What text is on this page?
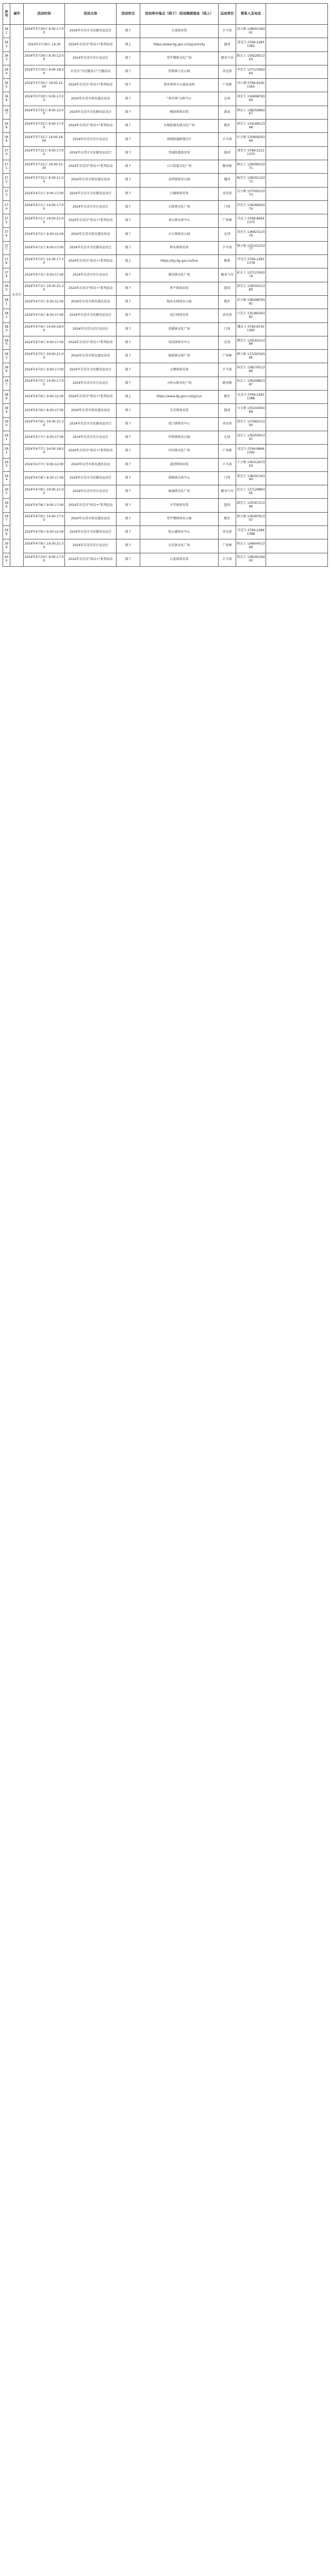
序号	城市	活动时间	活动主体	活动形式	活动举办地点（线下）/活动链接地址（线上）	运动项目	联系人及电话	
361	东莞市	2024年3月30日 9:00-17:00	2024年东莞市全民健身运动会	线下	石龙体育馆	乒乓球	黄小姐 13800138361	
362		2024年3月30日 14:30	2024年东莞市"体育+"系列活动	线上	https://www.dg.gov.cn/tyj/activity	篮球	梁先生 0769-22831362	
363		2024年3月30日 8:30-12:00	2024年东莞市社区运动会	线下	望牛墩镇文化广场	健身气功	陈女士 13922921363	
364		2024年3月30日 9:00-18:00	东莞市"全民健身日"主题活动	线下	厚街镇人民公园	羽毛球	李先生 13712356364	
365		2024年3月30日 19:00-21:00	2024年东莞市"体育+"系列活动	线下	寮步镇香市公园运动场	广场舞	何小姐 0769-81001365	
366		2024年3月30日 9:00-17:00	2024年东莞市体育惠民活动	线下	"寮步镇"文体中心	足球	刘先生 13669876366	
367		2024年3月31日 8:00-12:00	2024年东莞市全民健身运动会	线下	横沥镇体育馆	游泳	钟女士 13825689367	
368		2024年3月31日 9:00-17:00	2024年东莞市"体育+"系列活动	线下	东城街道东城文化广场	跑步	蔡先生 13416812368	
369		2024年3月31日 14:00-18:00	2024年东莞市社区运动会	线下	南城街道蛤地社区	乒乓球	叶小姐 13580926369	
370		2024年3月31日 9:00-17:00	2024年东莞市全民健身运动会	线下	莞城街道体育馆	篮球	郭先生 0769-22111370	
371		2024年3月31日 19:30-21:30	2024年东莞市"体育+"系列活动	线下	万江街道文化广场	健身操	林女士 13609632371	
372		2024年3月31日 8:30-11:30	2024年东莞市体育惠民活动	线下	高埗镇体育公园	毽球	杨先生 13829112372	
373		2024年4月1日 9:00-17:00	2024年东莞市全民健身运动会	线下	石碣镇体育馆	羽毛球	吴小姐 13750012373	
374		2024年4月1日 14:00-17:00	2024年东莞市社区运动会	线下	石排镇文化广场	门球	罗先生 13928456374	
375		2024年4月1日 19:00-21:00	2024年东莞市"体育+"系列活动	线下	茶山镇文体中心	广场舞	冯女士 0769-86641375	
376		2024年4月2日 9:00-12:00	2024年东莞市体育惠民活动	线下	企石镇体育公园	足球	邓先生 13682312376	
377		2024年4月2日 8:00-17:00	2024年东莞市全民健身运动会	线下	桥头镇体育馆	乒乓球	黎小姐 13510125377	
378		2024年4月2日 14:30-17:30	2024年东莞市"体育+"系列活动	线上	https://tyj.dg.gov.cn/live	棋类	许先生 0769-22831378	
379		2024年4月3日 9:00-17:00	2024年东莞市社区运动会	线下	谢岗镇文化广场	健身气功	彭女士 13712356379	
380		2024年4月3日 19:30-21:30	2024年东莞市"体育+"系列活动	线下	常平镇体育馆	篮球	曾先生 13650021380	
381		2024年4月3日 9:00-12:00	2024年东莞市体育惠民活动	线下	樟木头镇体育公园	跑步	苏小姐 13829876381	
382		2024年4月4日 8:30-17:00	2024年东莞市全民健身运动会	线下	黄江镇体育馆	羽毛球	吕先生 13538256382	
383		2024年4月4日 14:00-18:00	2024年东莞市社区运动会	线下	清溪镇文化广场	门球	魏女士 0769-87301383	
384		2024年4月4日 9:00-17:00	2024年东莞市"体育+"系列活动	线下	凤岗镇体育中心	足球	谭先生 13916251384	
385		2024年4月5日 19:00-21:00	2024年东莞市体育惠民活动	线下	塘厦镇文体广场	广场舞	廖小姐 13729316385	
386		2024年4月5日 9:00-17:00	2024年东莞市全民健身运动会	线下	大朗镇体育馆	乒乓球	徐先生 13827651386	
387		2024年4月5日 14:00-17:00	2024年东莞市社区运动会	线下	大岭山镇文化广场	健身操	孙女士 13620981387	
388		2024年4月6日 9:00-12:00	2024年东莞市"体育+"系列活动	线上	https://www.dg.gov.cn/tyj/run	跑步	朱先生 0769-22831388	
389		2024年4月6日 8:00-17:00	2024年东莞市体育惠民活动	线下	长安镇体育馆	篮球	马小姐 13510456389	
390		2024年4月6日 19:30-21:30	2024年东莞市全民健身运动会	线下	虎门镇体育中心	羽毛球	胡先生 13798231390	
391		2024年4月7日 9:00-17:00	2024年东莞市社区运动会	线下	厚街镇体育公园	足球	高女士 13925561391	
392		2024年4月7日 14:00-18:00	2024年东莞市"体育+"系列活动	线下	沙田镇文化广场	广场舞	袁先生 0769-88661392	
393		2024年4月7日 9:00-12:00	2024年东莞市体育惠民活动	线下	道滘镇体育馆	乒乓球	于小姐 13631267393	
394		2024年4月8日 8:30-17:00	2024年东莞市全民健身运动会	线下	洪梅镇文体中心	门球	董先生 13829134394	
395		2024年4月8日 19:00-21:00	2024年东莞市社区运动会	线下	麻涌镇文化广场	健身气功	沈女士 13712986395	
396		2024年4月8日 9:00-17:00	2024年东莞市"体育+"系列活动	线下	中堂镇体育馆	篮球	韩先生 13556721396	
397		2024年4月9日 14:00-17:00	2024年东莞市体育惠民活动	线下	望牛墩镇体育公园	跑步	唐小姐 13928761397	
398		2024年4月9日 9:00-12:00	2024年东莞市全民健身运动会	线下	松山湖体育中心	羽毛球	冯先生 0769-22891398	
399		2024年4月9日 19:30-21:30	2024年东莞市社区运动会	线下	东坑镇文化广场	广场舞	程女士 13660451399	
400		2024年4月10日 9:00-17:00	2024年东莞市"体育+"系列活动	线下	石龙镇体育馆	乒乓球	曹先生 13829516400	
